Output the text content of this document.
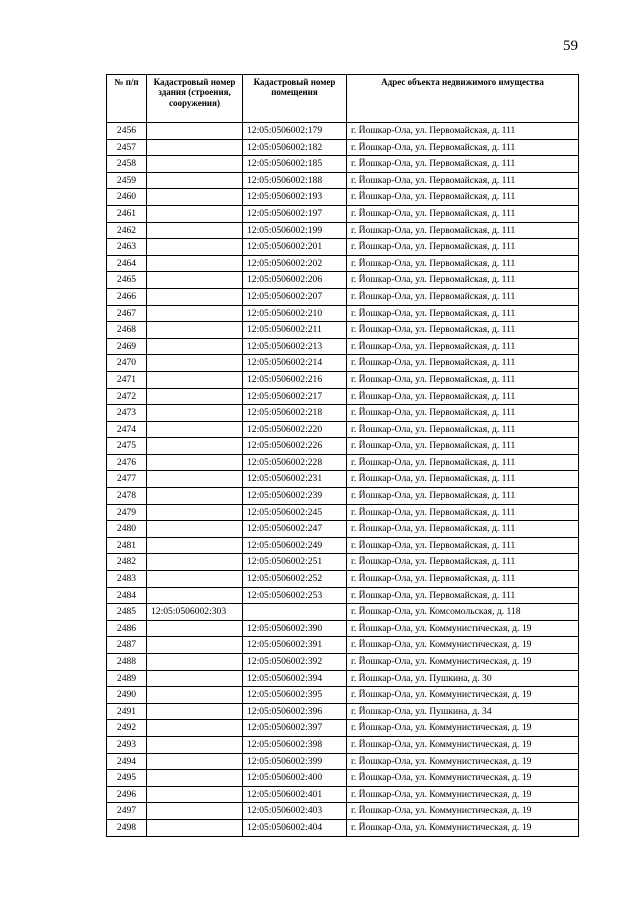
59
№ п/п	Кадастровый номер здания (строения, сооружения)	Кадастровый номер помещения	Адрес объекта недвижимого имущества
2456		12:05:0506002:179	г. Йошкар-Ола, ул. Первомайская, д. 111
2457		12:05:0506002:182	г. Йошкар-Ола, ул. Первомайская, д. 111
2458		12:05:0506002:185	г. Йошкар-Ола, ул. Первомайская, д. 111
2459		12:05:0506002:188	г. Йошкар-Ола, ул. Первомайская, д. 111
2460		12:05:0506002:193	г. Йошкар-Ола, ул. Первомайская, д. 111
2461		12:05:0506002:197	г. Йошкар-Ола, ул. Первомайская, д. 111
2462		12:05:0506002:199	г. Йошкар-Ола, ул. Первомайская, д. 111
2463		12:05:0506002:201	г. Йошкар-Ола, ул. Первомайская, д. 111
2464		12:05:0506002:202	г. Йошкар-Ола, ул. Первомайская, д. 111
2465		12:05:0506002:206	г. Йошкар-Ола, ул. Первомайская, д. 111
2466		12:05:0506002:207	г. Йошкар-Ола, ул. Первомайская, д. 111
2467		12:05:0506002:210	г. Йошкар-Ола, ул. Первомайская, д. 111
2468		12:05:0506002:211	г. Йошкар-Ола, ул. Первомайская, д. 111
2469		12:05:0506002:213	г. Йошкар-Ола, ул. Первомайская, д. 111
2470		12:05:0506002:214	г. Йошкар-Ола, ул. Первомайская, д. 111
2471		12:05:0506002:216	г. Йошкар-Ола, ул. Первомайская, д. 111
2472		12:05:0506002:217	г. Йошкар-Ола, ул. Первомайская, д. 111
2473		12:05:0506002:218	г. Йошкар-Ола, ул. Первомайская, д. 111
2474		12:05:0506002:220	г. Йошкар-Ола, ул. Первомайская, д. 111
2475		12:05:0506002:226	г. Йошкар-Ола, ул. Первомайская, д. 111
2476		12:05:0506002:228	г. Йошкар-Ола, ул. Первомайская, д. 111
2477		12:05:0506002:231	г. Йошкар-Ола, ул. Первомайская, д. 111
2478		12:05:0506002:239	г. Йошкар-Ола, ул. Первомайская, д. 111
2479		12:05:0506002:245	г. Йошкар-Ола, ул. Первомайская, д. 111
2480		12:05:0506002:247	г. Йошкар-Ола, ул. Первомайская, д. 111
2481		12:05:0506002:249	г. Йошкар-Ола, ул. Первомайская, д. 111
2482		12:05:0506002:251	г. Йошкар-Ола, ул. Первомайская, д. 111
2483		12:05:0506002:252	г. Йошкар-Ола, ул. Первомайская, д. 111
2484		12:05:0506002:253	г. Йошкар-Ола, ул. Первомайская, д. 111
2485	12:05:0506002:303		г. Йошкар-Ола, ул. Комсомольская, д. 118
2486		12:05:0506002:390	г. Йошкар-Ола, ул. Коммунистическая, д. 19
2487		12:05:0506002:391	г. Йошкар-Ола, ул. Коммунистическая, д. 19
2488		12:05:0506002:392	г. Йошкар-Ола, ул. Коммунистическая, д. 19
2489		12:05:0506002:394	г. Йошкар-Ола, ул. Пушкина, д. 30
2490		12:05:0506002:395	г. Йошкар-Ола, ул. Коммунистическая, д. 19
2491		12:05:0506002:396	г. Йошкар-Ола, ул. Пушкина, д. 34
2492		12:05:0506002:397	г. Йошкар-Ола, ул. Коммунистическая, д. 19
2493		12:05:0506002:398	г. Йошкар-Ола, ул. Коммунистическая, д. 19
2494		12:05:0506002:399	г. Йошкар-Ола, ул. Коммунистическая, д. 19
2495		12:05:0506002:400	г. Йошкар-Ола, ул. Коммунистическая, д. 19
2496		12:05:0506002:401	г. Йошкар-Ола, ул. Коммунистическая, д. 19
2497		12:05:0506002:403	г. Йошкар-Ола, ул. Коммунистическая, д. 19
2498		12:05:0506002:404	г. Йошкар-Ола, ул. Коммунистическая, д. 19
